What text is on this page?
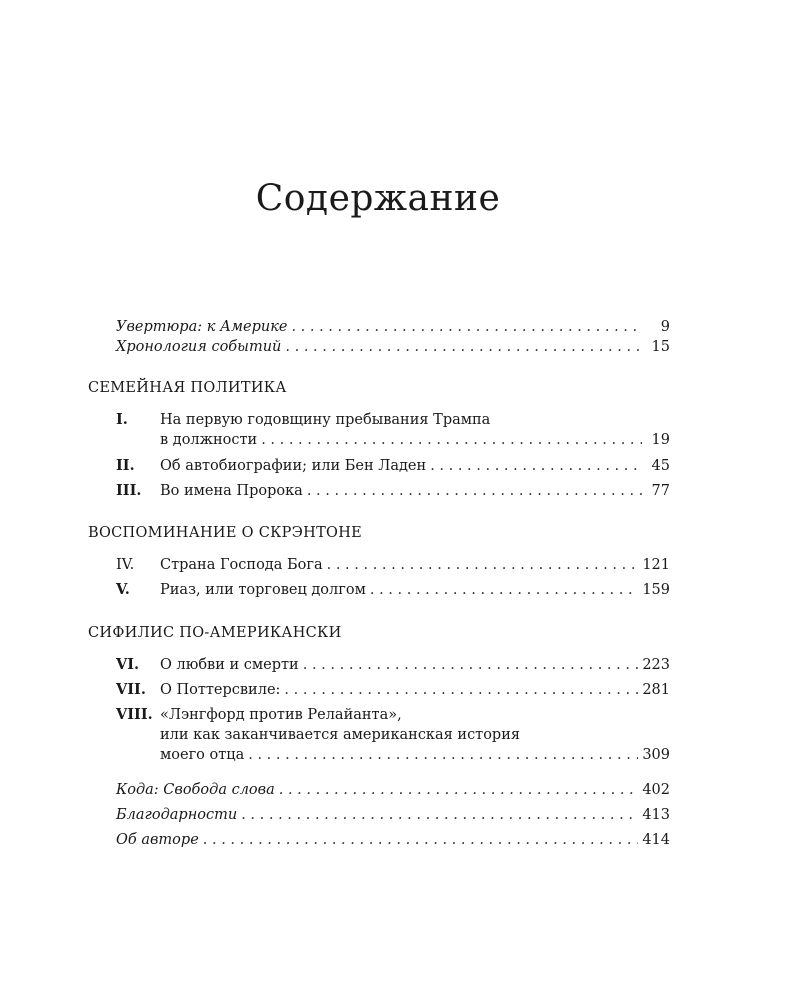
Содержание
Увертюра: к Америке . . .	9
Хронология событий . . .	15
СЕМЕЙНАЯ ПОЛИТИКА
I. На первую годовщину пребывания Трампа
в должности . . .	19
II. Об автобиографии; или Бен Ладен . . .	45
III. Во имена Пророка . . .	77
ВОСПОМИНАНИЕ О СКРЭНТОНЕ
IV. Страна Господа Бога . . .	121
V. Риаз, или торговец долгом . . .	159
СИФИЛИС ПО-АМЕРИКАНСКИ
VI. О любви и смерти . . .	223
VII. О Поттерсвиле: . . .	281
VIII. «Лэнгфорд против Релайанта»,
или как заканчивается американская история
моего отца . . .	309
Кода: Свобода слова . . .	402
Благодарности . . .	413
Об авторе . . .	414
